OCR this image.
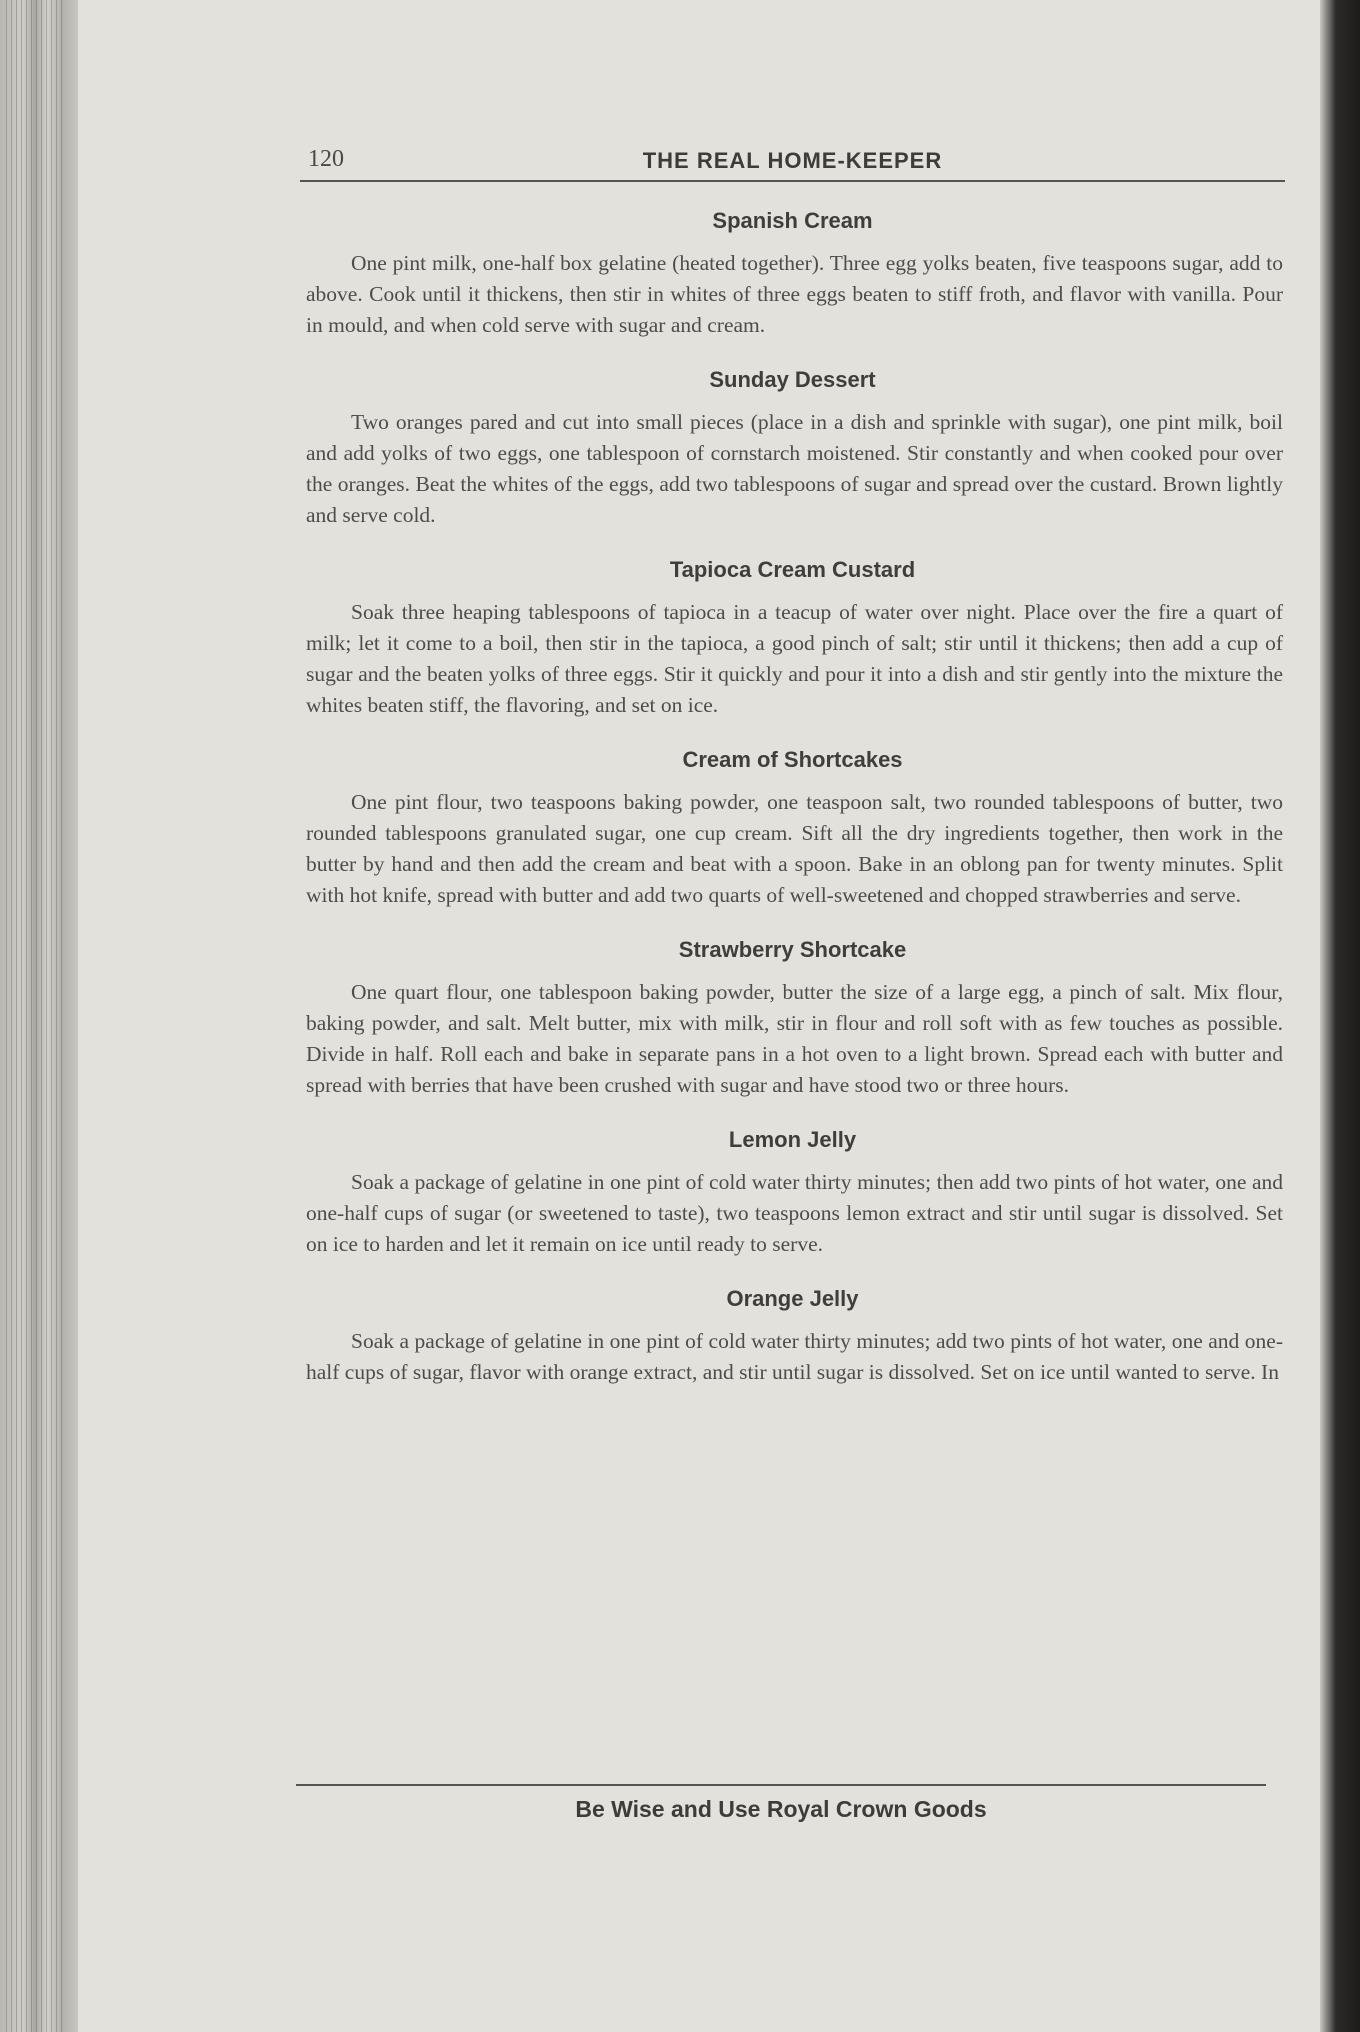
120	THE REAL HOME-KEEPER
Spanish Cream

One pint milk, one-half box gelatine (heated together). Three egg yolks beaten, five teaspoons sugar, add to above. Cook until it thickens, then stir in whites of three eggs beaten to stiff froth, and flavor with vanilla. Pour in mould, and when cold serve with sugar and cream.

Sunday Dessert

Two oranges pared and cut into small pieces (place in a dish and sprinkle with sugar), one pint milk, boil and add yolks of two eggs, one tablespoon of cornstarch moistened. Stir constantly and when cooked pour over the oranges. Beat the whites of the eggs, add two tablespoons of sugar and spread over the custard. Brown lightly and serve cold.

Tapioca Cream Custard

Soak three heaping tablespoons of tapioca in a teacup of water over night. Place over the fire a quart of milk; let it come to a boil, then stir in the tapioca, a good pinch of salt; stir until it thickens; then add a cup of sugar and the beaten yolks of three eggs. Stir it quickly and pour it into a dish and stir gently into the mixture the whites beaten stiff, the flavoring, and set on ice.

Cream of Shortcakes

One pint flour, two teaspoons baking powder, one teaspoon salt, two rounded tablespoons of butter, two rounded tablespoons granulated sugar, one cup cream. Sift all the dry ingredients together, then work in the butter by hand and then add the cream and beat with a spoon. Bake in an oblong pan for twenty minutes. Split with hot knife, spread with butter and add two quarts of well-sweetened and chopped strawberries and serve.

Strawberry Shortcake

One quart flour, one tablespoon baking powder, butter the size of a large egg, a pinch of salt. Mix flour, baking powder, and salt. Melt butter, mix with milk, stir in flour and roll soft with as few touches as possible. Divide in half. Roll each and bake in separate pans in a hot oven to a light brown. Spread each with butter and spread with berries that have been crushed with sugar and have stood two or three hours.

Lemon Jelly

Soak a package of gelatine in one pint of cold water thirty minutes; then add two pints of hot water, one and one-half cups of sugar (or sweetened to taste), two teaspoons lemon extract and stir until sugar is dissolved. Set on ice to harden and let it remain on ice until ready to serve.

Orange Jelly

Soak a package of gelatine in one pint of cold water thirty minutes; add two pints of hot water, one and one-half cups of sugar, flavor with orange extract, and stir until sugar is dissolved. Set on ice until wanted to serve. In

Be Wise and Use Royal Crown Goods
